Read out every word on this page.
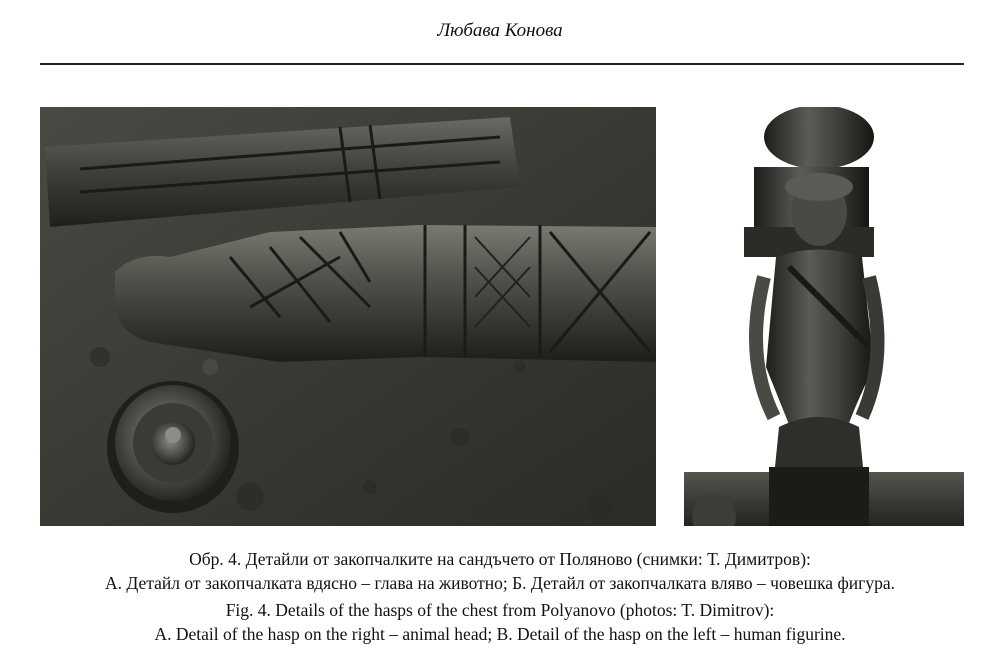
Любава Конова
Обр. 4. Детайли от закопчалките на сандъчето от Поляново (снимки: Т. Димитров):
А. Детайл от закопчалката вдясно – глава на животно; Б. Детайл от закопчалката вляво – човешка фигура.
Fig. 4. Details of the hasps of the chest from Polyanovo (photos: T. Dimitrov):
A. Detail of the hasp on the right – animal head; B. Detail of the hasp on the left – human figurine.
